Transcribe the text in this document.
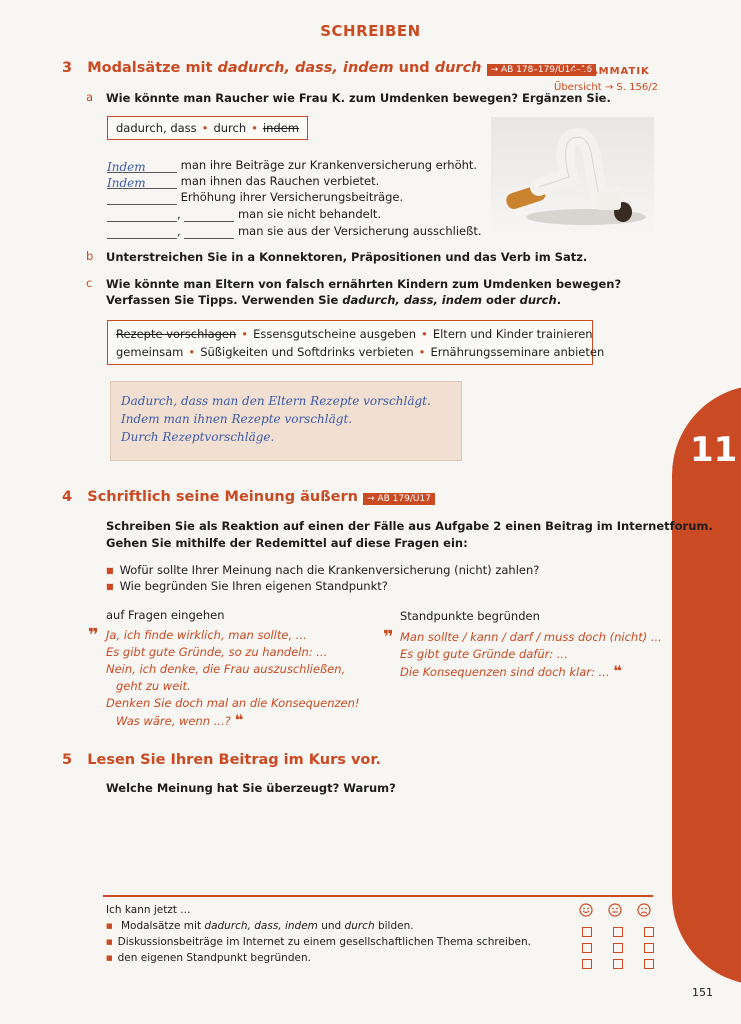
SCHREIBEN
11
3 Modalsätze mit dadurch, dass, indem und durch → AB 178–179/Ü14–16
GRAMMATIK
Übersicht → S. 156/2
a Wie könnte man Raucher wie Frau K. zum Umdenken bewegen? Ergänzen Sie.
dadurch, dass • durch • indem
Indem	man ihre Beiträge zur Krankenversicherung erhöht.
Indem	man ihnen das Rauchen verbietet.
Erhöhung ihrer Versicherungsbeiträge.
,	man sie nicht behandelt.
,	man sie aus der Versicherung ausschließt.
b Unterstreichen Sie in a Konnektoren, Präpositionen und das Verb im Satz.
c Wie könnte man Eltern von falsch ernährten Kindern zum Umdenken bewegen?
Verfassen Sie Tipps. Verwenden Sie dadurch, dass, indem oder durch.
Rezepte vorschlagen • Essensgutscheine ausgeben • Eltern und Kinder trainieren
gemeinsam • Süßigkeiten und Softdrinks verbieten • Ernährungsseminare anbieten
Dadurch, dass man den Eltern Rezepte vorschlägt.
Indem man ihnen Rezepte vorschlägt.
Durch Rezeptvorschläge.
4 Schriftlich seine Meinung äußern → AB 179/Ü17
Schreiben Sie als Reaktion auf einen der Fälle aus Aufgabe 2 einen Beitrag im Internetforum.
Gehen Sie mithilfe der Redemittel auf diese Fragen ein:
■ Wofür sollte Ihrer Meinung nach die Krankenversicherung (nicht) zahlen?
■ Wie begründen Sie Ihren eigenen Standpunkt?
auf Fragen eingehen	Standpunkte begründen
❞ Ja, ich finde wirklich, man sollte, ...
Es gibt gute Gründe, so zu handeln: ...
Nein, ich denke, die Frau auszuschließen,
geht zu weit.
Denken Sie doch mal an die Konsequenzen!
Was wäre, wenn ...? ❝
❞ Man sollte / kann / darf / muss doch (nicht) ...
Es gibt gute Gründe dafür: ...
Die Konsequenzen sind doch klar: ... ❝
5 Lesen Sie Ihren Beitrag im Kurs vor.
Welche Meinung hat Sie überzeugt? Warum?
Ich kann jetzt ...
■ Modalsätze mit dadurch, dass, indem und durch bilden.
■ Diskussionsbeiträge im Internet zu einem gesellschaftlichen Thema schreiben.
■ den eigenen Standpunkt begründen.
151
